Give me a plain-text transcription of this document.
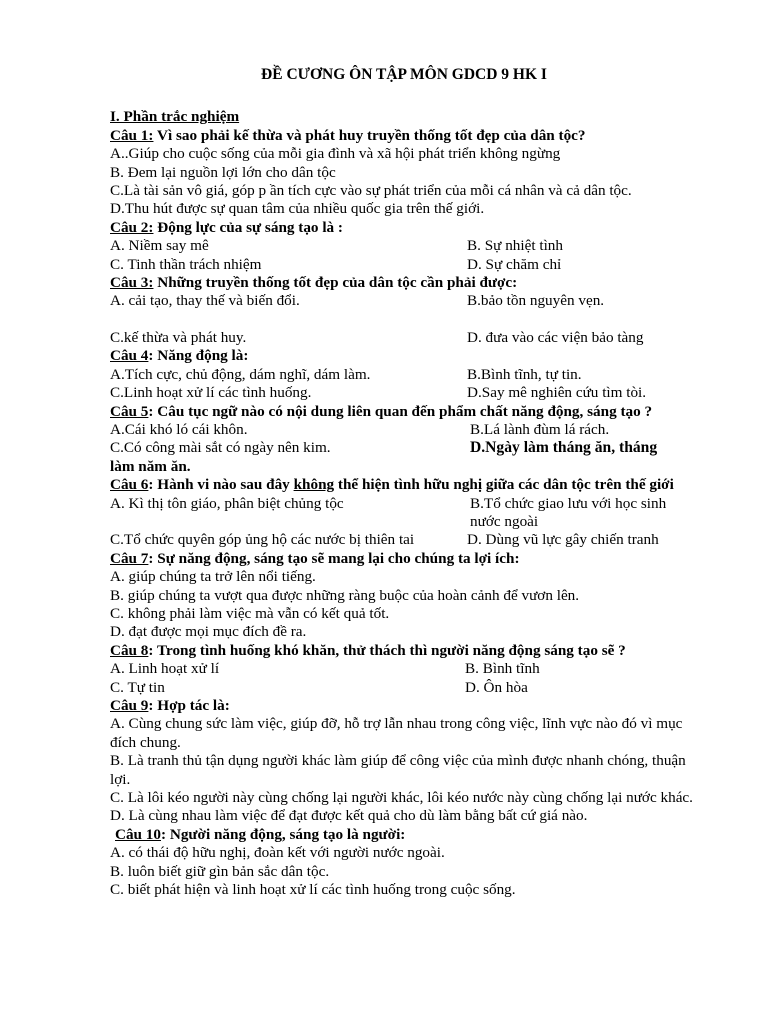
ĐỀ CƯƠNG ÔN TẬP MÔN GDCD 9 HK I

I. Phần trắc nghiệm

Câu 1: Vì sao phải kế thừa và phát huy truyền thống tốt đẹp của dân tộc?

A..Giúp cho cuộc sống của mỗi gia đình và xã hội phát triển không ngừng

B. Đem lại nguồn lợi lớn cho dân tộc

C.Là tài sản vô giá, góp p ần tích cực vào sự phát triển của mỗi cá nhân và cả dân tộc.

D.Thu hút được sự quan tâm của nhiều quốc gia trên thế giới.

Câu 2: Động lực của sự sáng tạo là :

A. Niềm say mê	B. Sự nhiệt tình
C. Tinh thần trách nhiệm	D. Sự chăm chỉ

Câu 3: Những truyền thống tốt đẹp của dân tộc cần phải được:

A. cải tạo, thay thế và biến đổi.	B.bảo tồn nguyên vẹn.
C.kế thừa và phát huy.	D. đưa vào các viện bảo tàng

Câu 4: Năng động là:

A.Tích cực, chủ động, dám nghĩ, dám làm.	B.Bình tĩnh, tự tin.
C.Linh hoạt xử lí các tình huống.	D.Say mê nghiên cứu tìm tòi.

Câu 5: Câu tục ngữ nào có nội dung liên quan đến phẩm chất năng động, sáng tạo ?

A.Cái khó ló cái khôn.	B.Lá lành đùm lá rách.
C.Có công mài sắt có ngày nên kim.	D.Ngày làm tháng ăn, tháng

làm năm ăn.

Câu 6: Hành vi nào sau đây không thể hiện tình hữu nghị giữa các dân tộc trên thế giới

A. Kì thị tôn giáo, phân biệt chủng tộc	B.Tổ chức giao lưu với học sinh
nước ngoài
C.Tổ chức quyên góp ủng hộ các nước bị thiên tai	D. Dùng vũ lực gây chiến tranh

Câu 7: Sự năng động, sáng tạo sẽ mang lại cho chúng ta lợi ích:

A. giúp chúng ta trở lên nổi tiếng.

B. giúp chúng ta vượt qua được những ràng buộc của hoàn cảnh để vươn lên.

C. không phải làm việc mà vẫn có kết quả tốt.

D. đạt được mọi mục đích đề ra.

Câu 8: Trong tình huống khó khăn, thử thách thì người năng động sáng tạo sẽ ?

A. Linh hoạt xử lí	B. Bình tĩnh
C. Tự tin	D. Ôn hòa

Câu 9: Hợp tác là:

A. Cùng chung sức làm việc, giúp đỡ, hỗ trợ lẫn nhau trong công việc, lĩnh vực nào đó vì mục đích chung.

B. Là tranh thủ tận dụng người khác làm giúp để công việc của mình được nhanh chóng, thuận lợi.

C. Là lôi kéo người này cùng chống lại người khác, lôi kéo nước này cùng chống lại nước khác.

D. Là cùng nhau làm việc để đạt được kết quả cho dù làm bằng bất cứ giá nào.

Câu 10: Người năng động, sáng tạo là người:

A. có thái độ hữu nghị, đoàn kết với người nước ngoài.

B. luôn biết giữ gìn bản sắc dân tộc.

C. biết phát hiện và linh hoạt xử lí các tình huống trong cuộc sống.
